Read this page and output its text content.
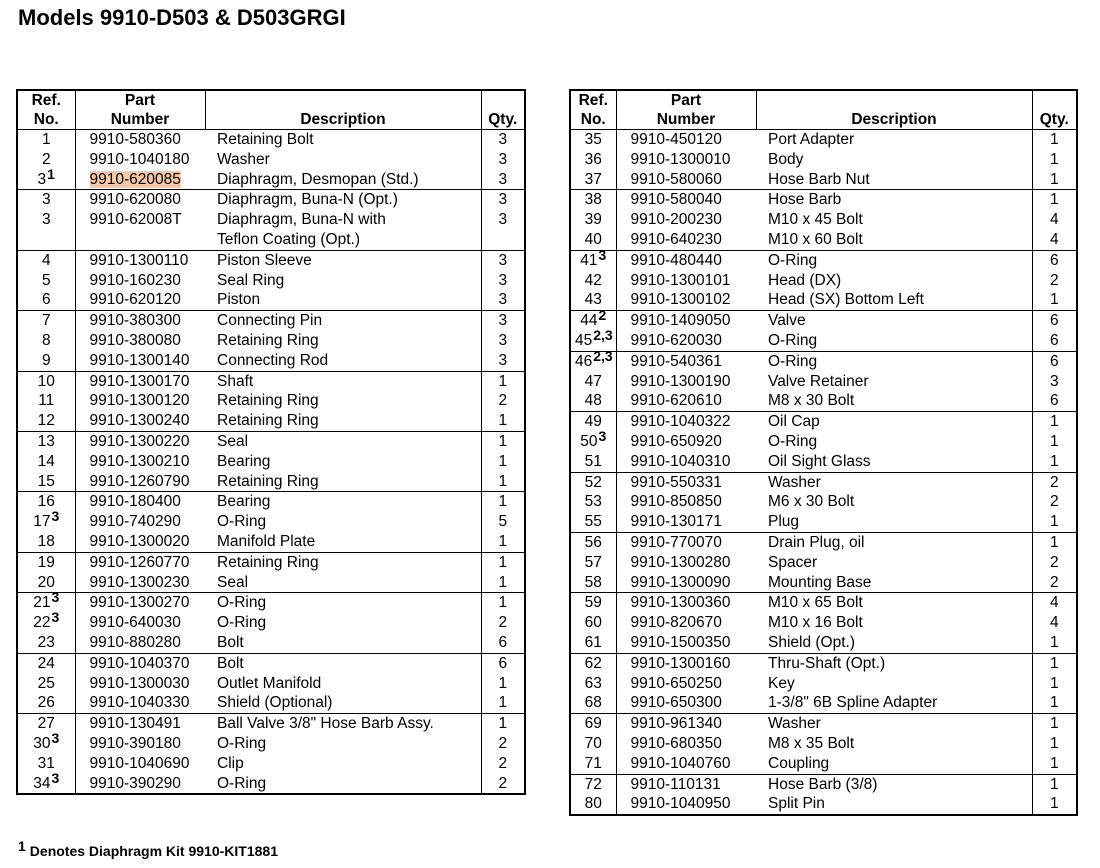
Models 9910-D503 & D503GRGI
Ref.
No.	Part
Number	Description	Qty.
1	9910-580360	Retaining Bolt	3
2	9910-1040180	Washer	3
31	9910-620085	Diaphragm, Desmopan (Std.)	3
3	9910-620080	Diaphragm, Buna-N (Opt.)	3
3	9910-62008T	Diaphragm, Buna-N with
Teflon Coating (Opt.)	3
4	9910-1300110	Piston Sleeve	3
5	9910-160230	Seal Ring	3
6	9910-620120	Piston	3
7	9910-380300	Connecting Pin	3
8	9910-380080	Retaining Ring	3
9	9910-1300140	Connecting Rod	3
10	9910-1300170	Shaft	1
11	9910-1300120	Retaining Ring	2
12	9910-1300240	Retaining Ring	1
13	9910-1300220	Seal	1
14	9910-1300210	Bearing	1
15	9910-1260790	Retaining Ring	1
16	9910-180400	Bearing	1
173	9910-740290	O-Ring	5
18	9910-1300020	Manifold Plate	1
19	9910-1260770	Retaining Ring	1
20	9910-1300230	Seal	1
213	9910-1300270	O-Ring	1
223	9910-640030	O-Ring	2
23	9910-880280	Bolt	6
24	9910-1040370	Bolt	6
25	9910-1300030	Outlet Manifold	1
26	9910-1040330	Shield (Optional)	1
27	9910-130491	Ball Valve 3/8" Hose Barb Assy.	1
303	9910-390180	O-Ring	2
31	9910-1040690	Clip	2
343	9910-390290	O-Ring	2
Ref.
No.	Part
Number	Description	Qty.
35	9910-450120	Port Adapter	1
36	9910-1300010	Body	1
37	9910-580060	Hose Barb Nut	1
38	9910-580040	Hose Barb	1
39	9910-200230	M10 x 45 Bolt	4
40	9910-640230	M10 x 60 Bolt	4
413	9910-480440	O-Ring	6
42	9910-1300101	Head (DX)	2
43	9910-1300102	Head (SX) Bottom Left	1
442	9910-1409050	Valve	6
452,3	9910-620030	O-Ring	6
462,3	9910-540361	O-Ring	6
47	9910-1300190	Valve Retainer	3
48	9910-620610	M8 x 30 Bolt	6
49	9910-1040322	Oil Cap	1
503	9910-650920	O-Ring	1
51	9910-1040310	Oil Sight Glass	1
52	9910-550331	Washer	2
53	9910-850850	M6 x 30 Bolt	2
55	9910-130171	Plug	1
56	9910-770070	Drain Plug, oil	1
57	9910-1300280	Spacer	2
58	9910-1300090	Mounting Base	2
59	9910-1300360	M10 x 65 Bolt	4
60	9910-820670	M10 x 16 Bolt	4
61	9910-1500350	Shield (Opt.)	1
62	9910-1300160	Thru-Shaft (Opt.)	1
63	9910-650250	Key	1
68	9910-650300	1-3/8" 6B Spline Adapter	1
69	9910-961340	Washer	1
70	9910-680350	M8 x 35 Bolt	1
71	9910-1040760	Coupling	1
72	9910-110131	Hose Barb (3/8)	1
80	9910-1040950	Split Pin	1
1 Denotes Diaphragm Kit 9910-KIT1881
